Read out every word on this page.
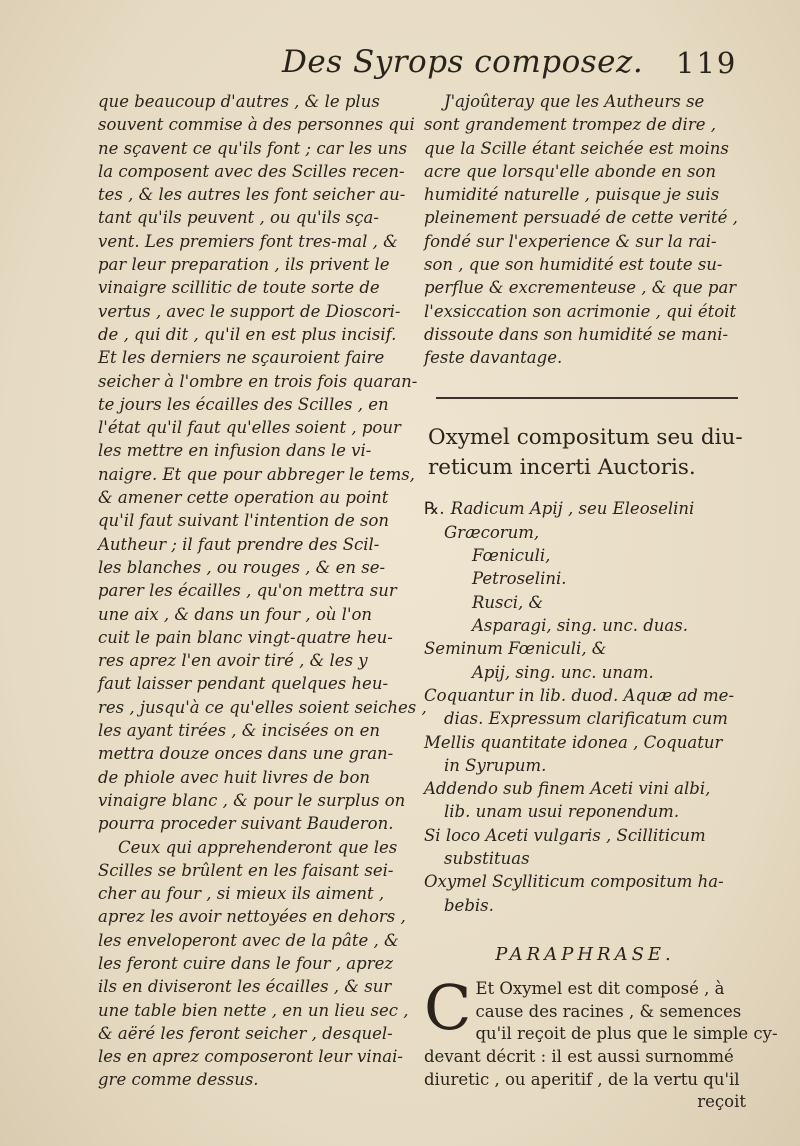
Des Syrops composez. 119
que beaucoup d'autres , & le plus
souvent commise à des personnes qui
ne sçavent ce qu'ils font ; car les uns
la composent avec des Scilles recen-
tes , & les autres les font seicher au-
tant qu'ils peuvent , ou qu'ils sça-
vent. Les premiers font tres-mal , &
par leur preparation , ils privent le
vinaigre scillitic de toute sorte de
vertus , avec le support de Dioscori-
de , qui dit , qu'il en est plus incisif.
Et les derniers ne sçauroient faire
seicher à l'ombre en trois fois quaran-
te jours les écailles des Scilles , en
l'état qu'il faut qu'elles soient , pour
les mettre en infusion dans le vi-
naigre. Et que pour abbreger le tems,
& amener cette operation au point
qu'il faut suivant l'intention de son
Autheur ; il faut prendre des Scil-
les blanches , ou rouges , & en se-
parer les écailles , qu'on mettra sur
une aix , & dans un four , où l'on
cuit le pain blanc vingt-quatre heu-
res aprez l'en avoir tiré , & les y
faut laisser pendant quelques heu-
res , jusqu'à ce qu'elles soient seiches ,
les ayant tirées , & incisées on en
mettra douze onces dans une gran-
de phiole avec huit livres de bon
vinaigre blanc , & pour le surplus on
pourra proceder suivant Bauderon.
Ceux qui apprehenderont que les
Scilles se brûlent en les faisant sei-
cher au four , si mieux ils aiment ,
aprez les avoir nettoyées en dehors ,
les enveloperont avec de la pâte , &
les feront cuire dans le four , aprez
ils en diviseront les écailles , & sur
une table bien nette , en un lieu sec ,
& aëré les feront seicher , desquel-
les en aprez composeront leur vinai-
gre comme dessus.
J'ajoûteray que les Autheurs se
sont grandement trompez de dire ,
que la Scille étant seichée est moins
acre que lorsqu'elle abonde en son
humidité naturelle , puisque je suis
pleinement persuadé de cette verité ,
fondé sur l'experience & sur la rai-
son , que son humidité est toute su-
perflue & excrementeuse , & que par
l'exsiccation son acrimonie , qui étoit
dissoute dans son humidité se mani-
feste davantage.
Oxymel compositum seu diu-
reticum incerti Auctoris.
℞. Radicum Apij , seu Eleoselini
Græcorum,
Fœniculi,
Petroselini.
Rusci, &
Asparagi, sing. unc. duas.
Seminum Fœniculi, &
Apij, sing. unc. unam.
Coquantur in lib. duod. Aquæ ad me-
dias. Expressum clarificatum cum
Mellis quantitate idonea , Coquatur
in Syrupum.
Addendo sub finem Aceti vini albi,
lib. unam usui reponendum.
Si loco Aceti vulgaris , Scilliticum
substituas
Oxymel Scylliticum compositum ha-
bebis.
PARAPHRASE.
C Et Oxymel est dit composé , à
cause des racines , & semences
qu'il reçoit de plus que le simple cy-
devant décrit : il est aussi surnommé
diuretic , ou aperitif , de la vertu qu'il
reçoit
